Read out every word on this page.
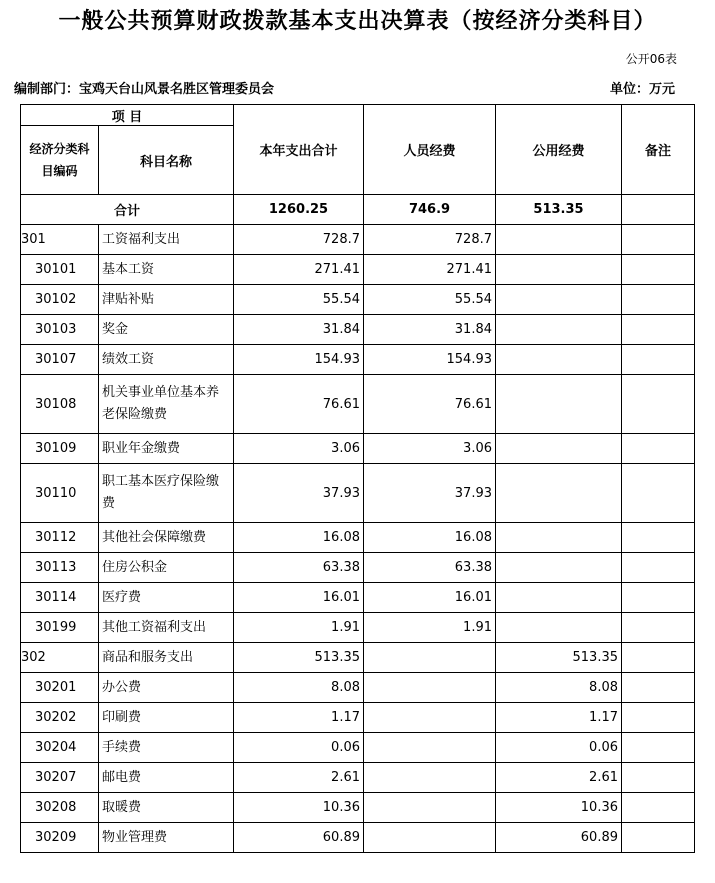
一般公共预算财政拨款基本支出决算表（按经济分类科目）
公开06表
编制部门：宝鸡天台山风景名胜区管理委员会	单位：万元
项 目		本年支出合计	人员经费	公用经费	备注
经济分类科目编码	科目名称				
合计		1260.25	746.9	513.35	
301	工资福利支出	728.7	728.7		
30101	基本工资	271.41	271.41		
30102	津贴补贴	55.54	55.54		
30103	奖金	31.84	31.84		
30107	绩效工资	154.93	154.93		
30108	机关事业单位基本养老保险缴费	76.61	76.61		
30109	职业年金缴费	3.06	3.06		
30110	职工基本医疗保险缴费	37.93	37.93		
30112	其他社会保障缴费	16.08	16.08		
30113	住房公积金	63.38	63.38		
30114	医疗费	16.01	16.01		
30199	其他工资福利支出	1.91	1.91		
302	商品和服务支出	513.35		513.35	
30201	办公费	8.08		8.08	
30202	印刷费	1.17		1.17	
30204	手续费	0.06		0.06	
30207	邮电费	2.61		2.61	
30208	取暖费	10.36		10.36	
30209	物业管理费	60.89		60.89	
